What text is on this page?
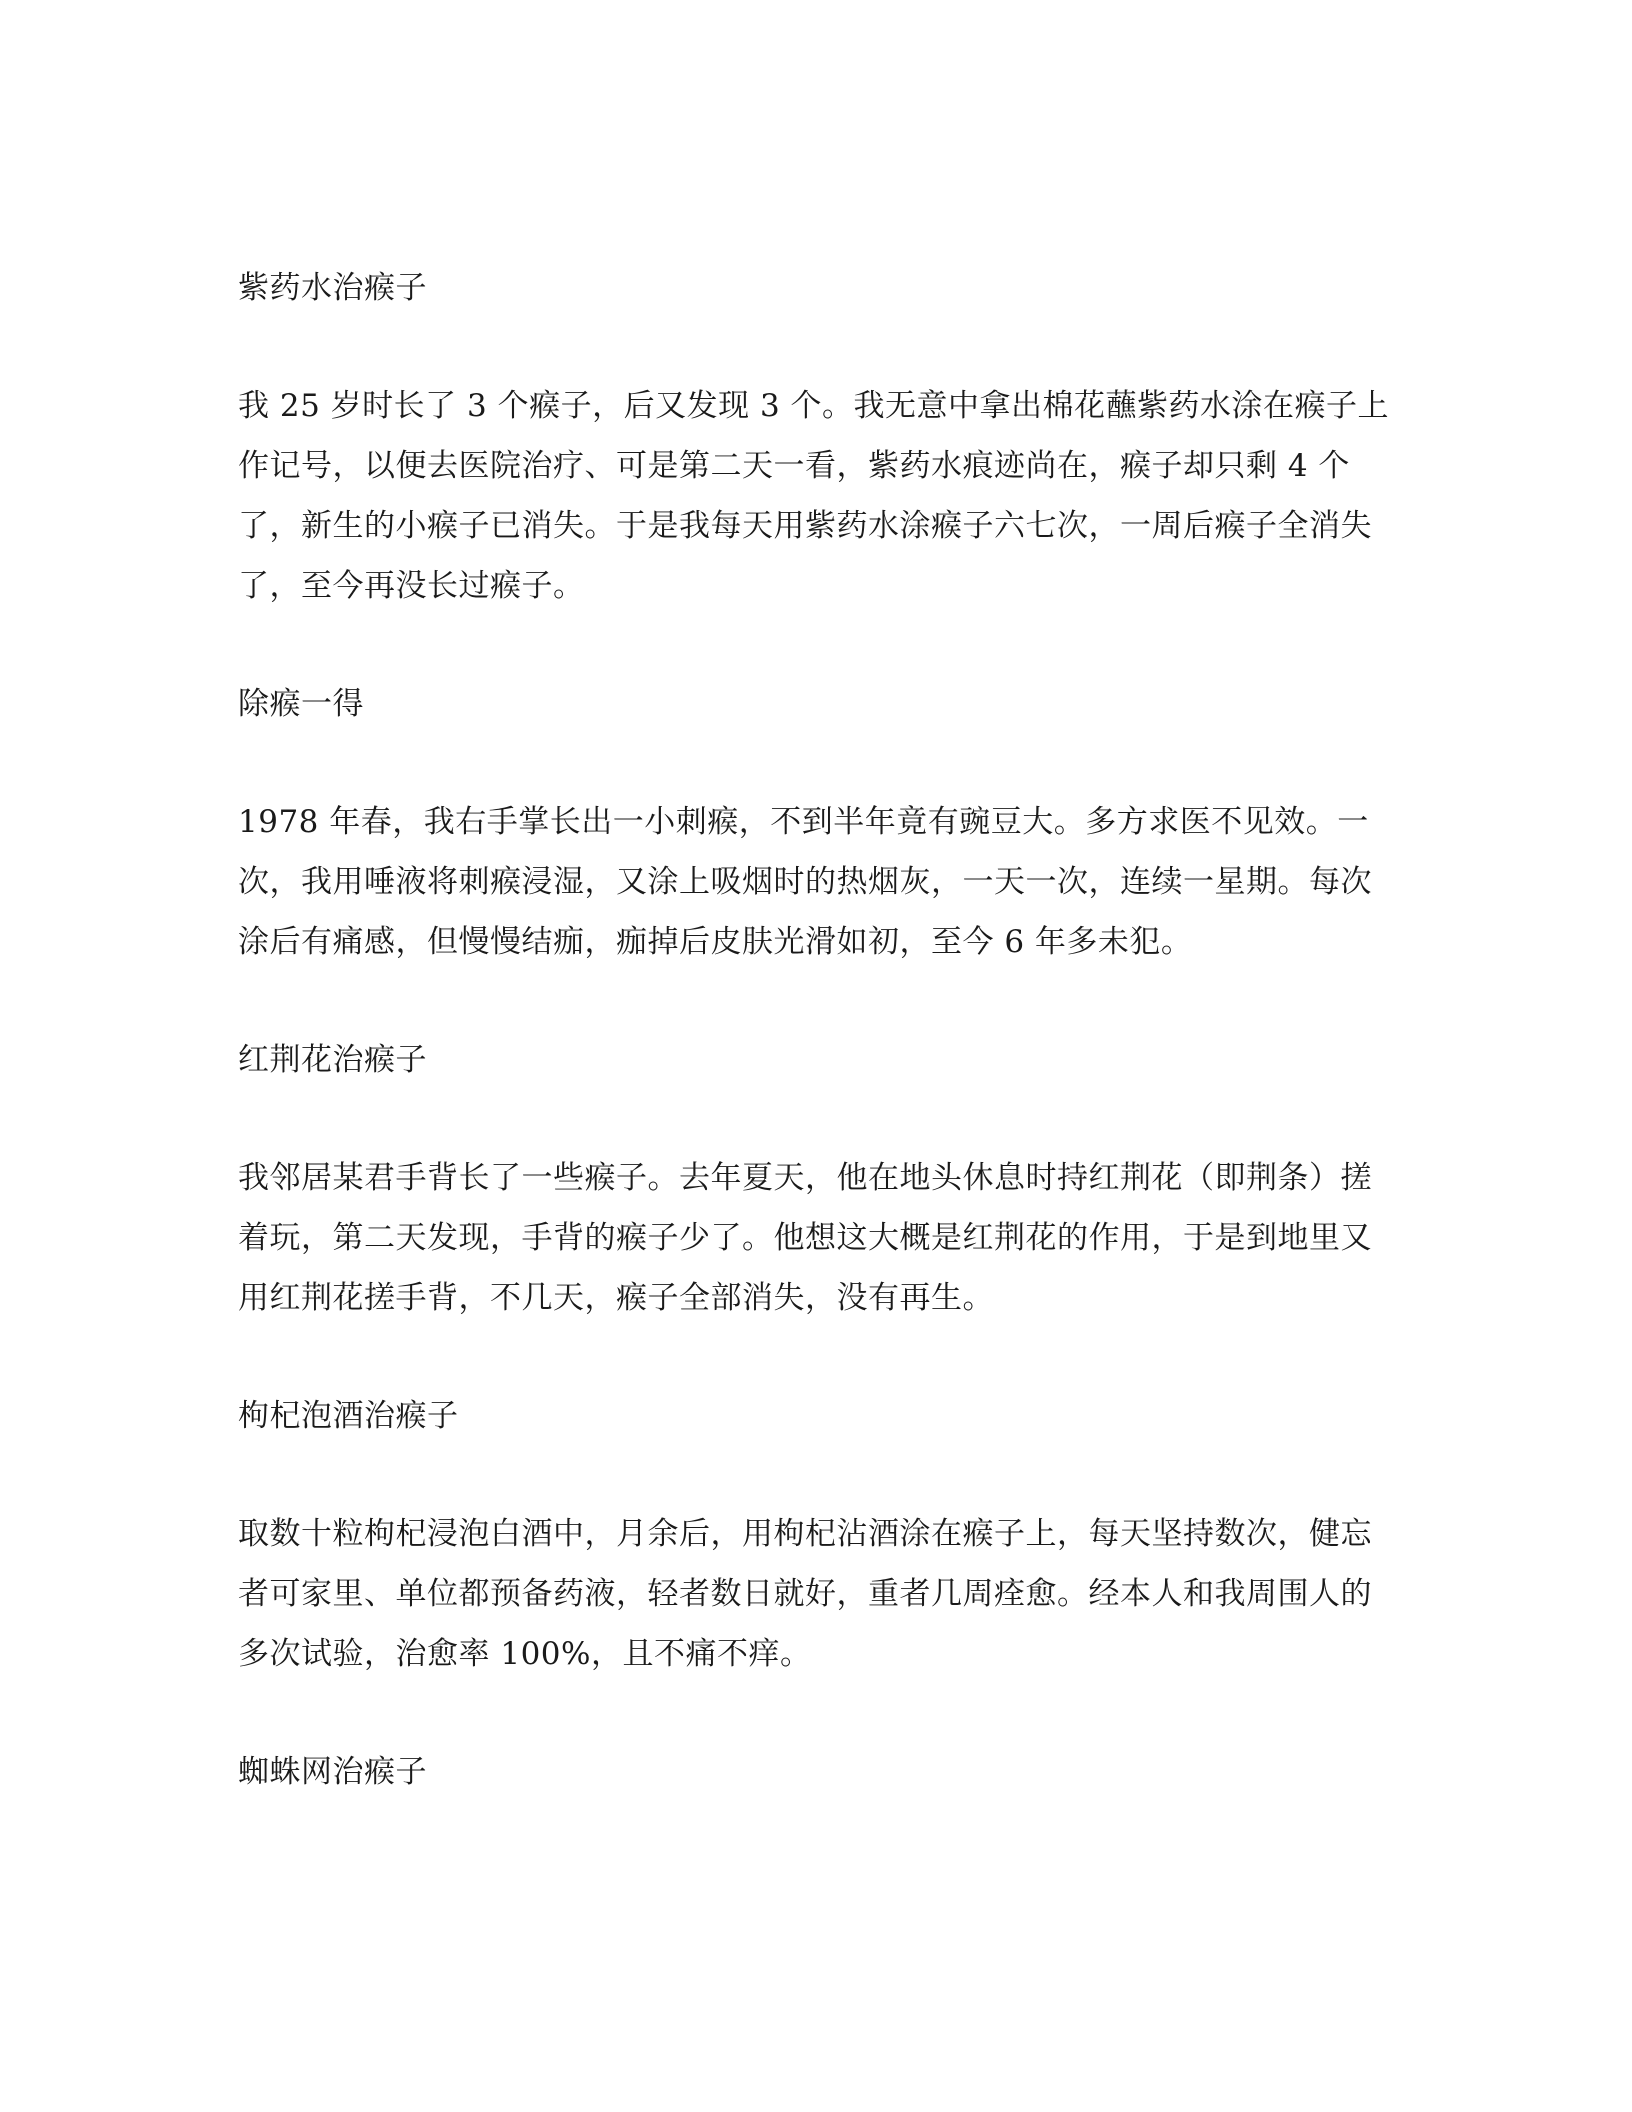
紫药水治瘊子
我 25 岁时长了 3 个瘊子，后又发现 3 个。我无意中拿出棉花蘸紫药水涂在瘊子上
作记号，以便去医院治疗、可是第二天一看，紫药水痕迹尚在，瘊子却只剩 4 个
了，新生的小瘊子已消失。于是我每天用紫药水涂瘊子六七次，一周后瘊子全消失
了，至今再没长过瘊子。
除瘊一得
1978 年春，我右手掌长出一小刺瘊，不到半年竟有豌豆大。多方求医不见效。一
次，我用唾液将刺瘊浸湿，又涂上吸烟时的热烟灰，一天一次，连续一星期。每次
涂后有痛感，但慢慢结痂，痂掉后皮肤光滑如初，至今 6 年多未犯。
红荆花治瘊子
我邻居某君手背长了一些瘊子。去年夏天，他在地头休息时持红荆花（即荆条）搓
着玩，第二天发现，手背的瘊子少了。他想这大概是红荆花的作用，于是到地里又
用红荆花搓手背，不几天，瘊子全部消失，没有再生。
枸杞泡酒治瘊子
取数十粒枸杞浸泡白酒中，月余后，用枸杞沾酒涂在瘊子上，每天坚持数次，健忘
者可家里、单位都预备药液，轻者数日就好，重者几周痊愈。经本人和我周围人的
多次试验，治愈率 100%，且不痛不痒。
蜘蛛网治瘊子
